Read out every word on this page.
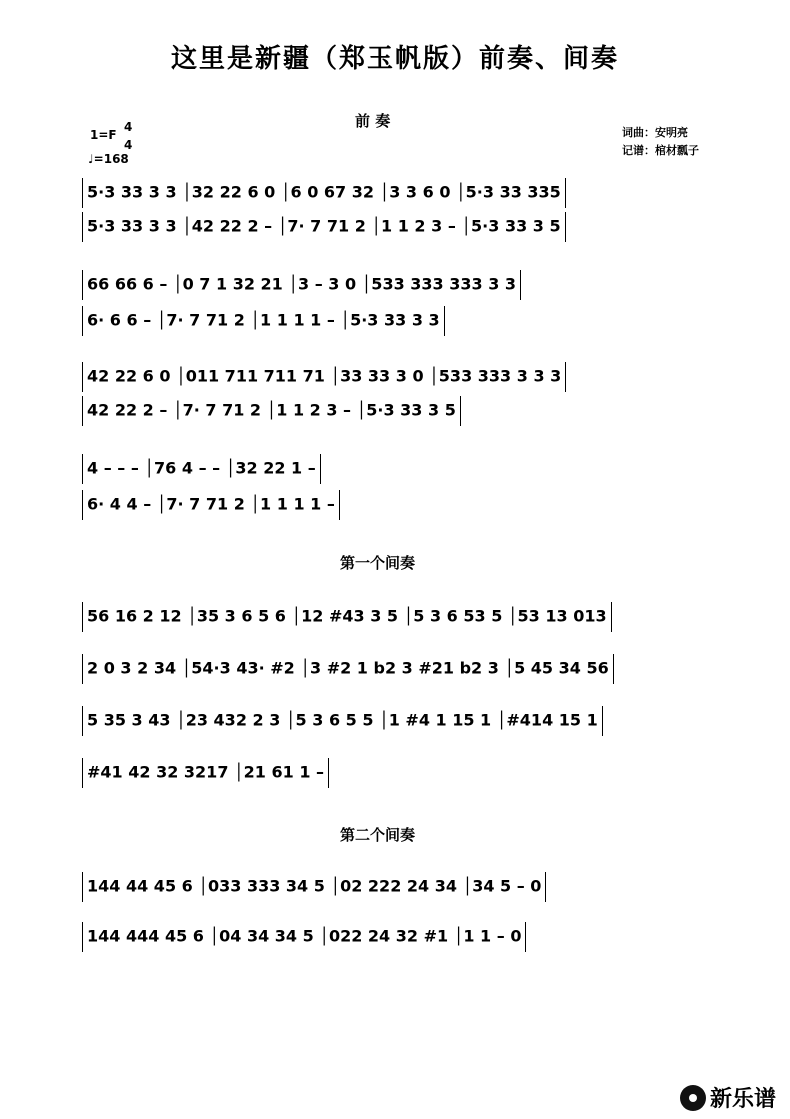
这里是新疆（郑玉帆版）前奏、间奏
前 奏
1=F
4
4
♩=168
词曲：安明亮
记谱：棺材瓢子
5·3 33 3 3 │32 22 6 0 │6 0 67 32 │3 3 6 0 │5·3 33 335
5·3 33 3 3 │42 22 2 – │7· 7 71 2 │1 1 2 3 – │5·3 33 3 5
66 66 6 – │0 7 1 32 21 │3 – 3 0 │533 333 333 3 3
6· 6 6 – │7· 7 71 2 │1 1 1 1 – │5·3 33 3 3
42 22 6 0 │011 711 711 71 │33 33 3 0 │533 333 3 3 3
42 22 2 – │7· 7 71 2 │1 1 2 3 – │5·3 33 3 5
4 – – – │76 4 – – │32 22 1 –
6· 4 4 – │7· 7 71 2 │1 1 1 1 –
第一个间奏
56 16 2 12 │35 3 6 5 6 │12 #43 3 5 │5 3 6 53 5 │53 13 013
2 0 3 2 34 │54·3 43· #2 │3 #2 1 b2 3 #21 b2 3 │5 45 34 56
5 35 3 43 │23 432 2 3 │5 3 6 5 5 │1 #4 1 15 1 │#414 15 1
#41 42 32 3217 │21 61 1 –
第二个间奏
144 44 45 6 │033 333 34 5 │02 222 24 34 │34 5 – 0
144 444 45 6 │04 34 34 5 │022 24 32 #1 │1 1 – 0
新乐谱
